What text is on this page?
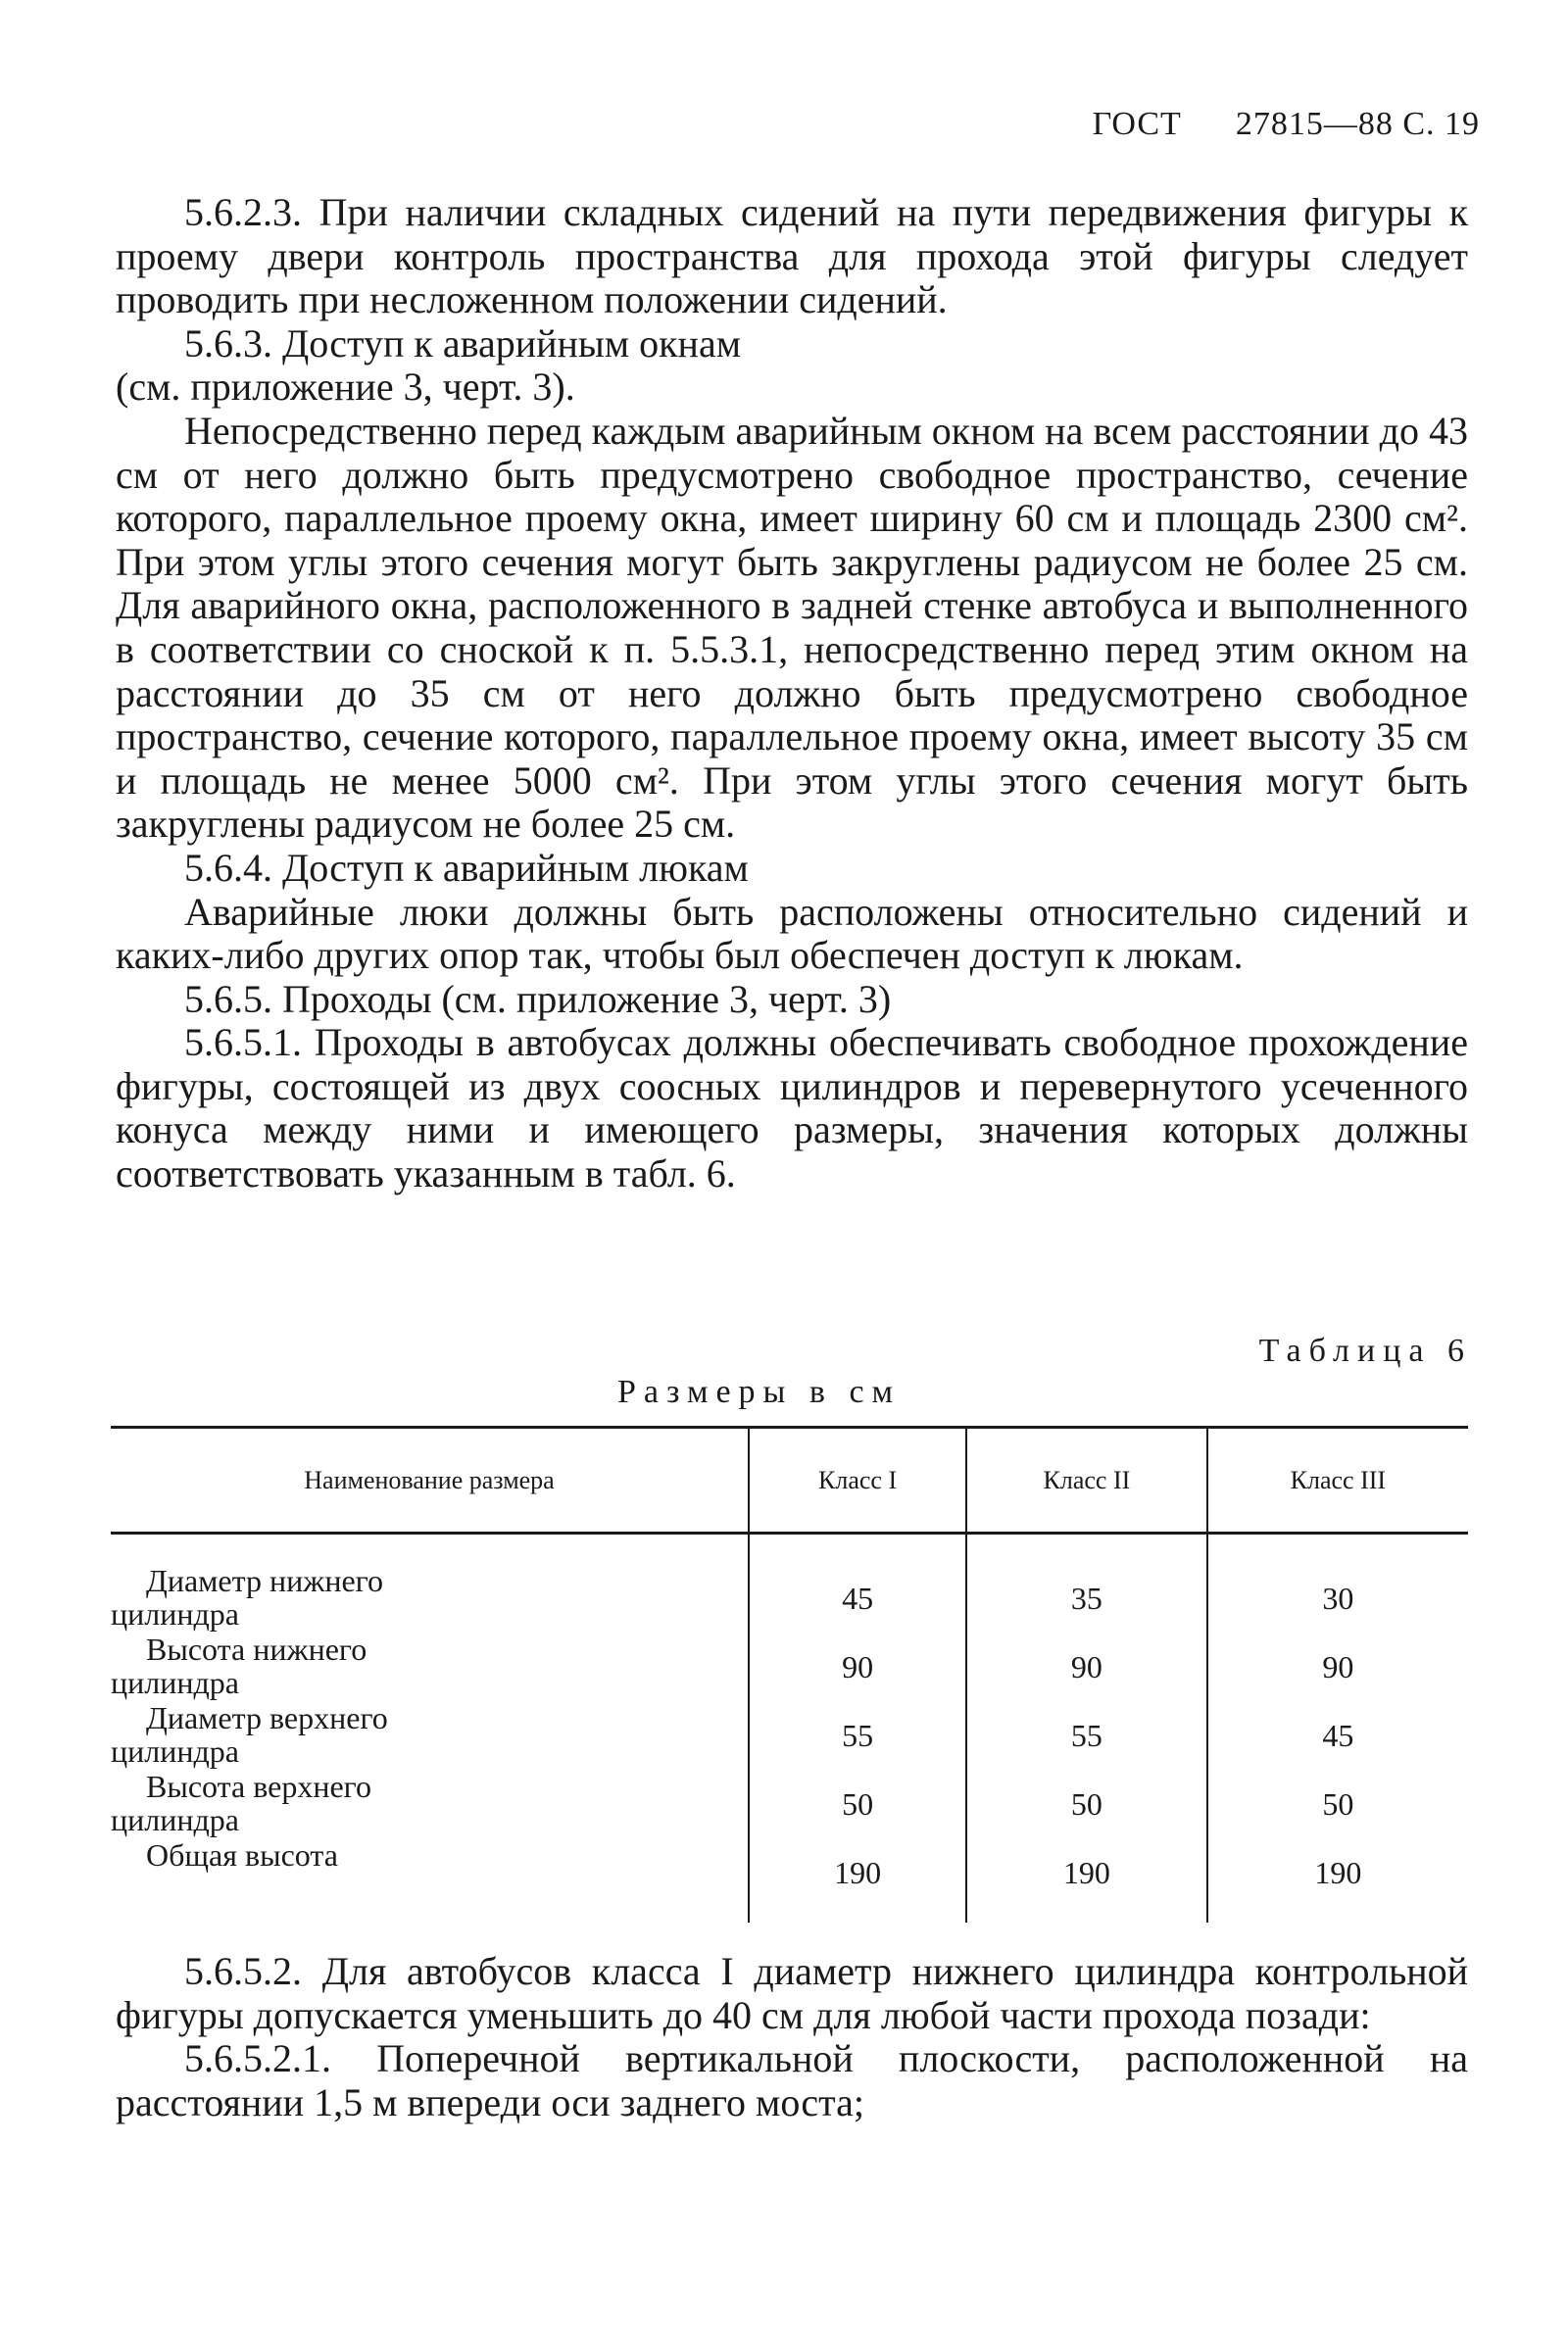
ГОСТ 27815—88 С. 19

5.6.2.3. При наличии складных сидений на пути передвижения фигуры к проему двери контроль пространства для прохода этой фигуры следует проводить при несложенном положении сидений.

5.6.3. Доступ к аварийным окнам

(см. приложение 3, черт. 3).

Непосредственно перед каждым аварийным окном на всем расстоянии до 43 см от него должно быть предусмотрено свободное пространство, сечение которого, параллельное проему окна, имеет ширину 60 см и площадь 2300 см². При этом углы этого сечения могут быть закруглены радиусом не более 25 см. Для аварийного окна, расположенного в задней стенке автобуса и выполненного в соответствии со сноской к п. 5.5.3.1, непосредственно перед этим окном на расстоянии до 35 см от него должно быть предусмотрено свободное пространство, сечение которого, параллельное проему окна, имеет высоту 35 см и площадь не менее 5000 см². При этом углы этого сечения могут быть закруглены радиусом не более 25 см.

5.6.4. Доступ к аварийным люкам

Аварийные люки должны быть расположены относительно сидений и каких-либо других опор так, чтобы был обеспечен доступ к люкам.

5.6.5. Проходы (см. приложение 3, черт. 3)

5.6.5.1. Проходы в автобусах должны обеспечивать свободное прохождение фигуры, состоящей из двух соосных цилиндров и перевернутого усеченного конуса между ними и имеющего размеры, значения которых должны соответствовать указанным в табл. 6.

Таблица 6
Размеры в см
Наименование размера	Класс I	Класс II	Класс III

Диаметр нижнего
цилиндра	45	35	30

Высота нижнего
цилиндра	90	90	90

Диаметр верхнего
цилиндра	55	55	45

Высота верхнего
цилиндра	50	50	50

Общая высота	190	190	190

5.6.5.2. Для автобусов класса I диаметр нижнего цилиндра контрольной фигуры допускается уменьшить до 40 см для любой части прохода позади:

5.6.5.2.1. Поперечной вертикальной плоскости, расположенной на расстоянии 1,5 м впереди оси заднего моста;
